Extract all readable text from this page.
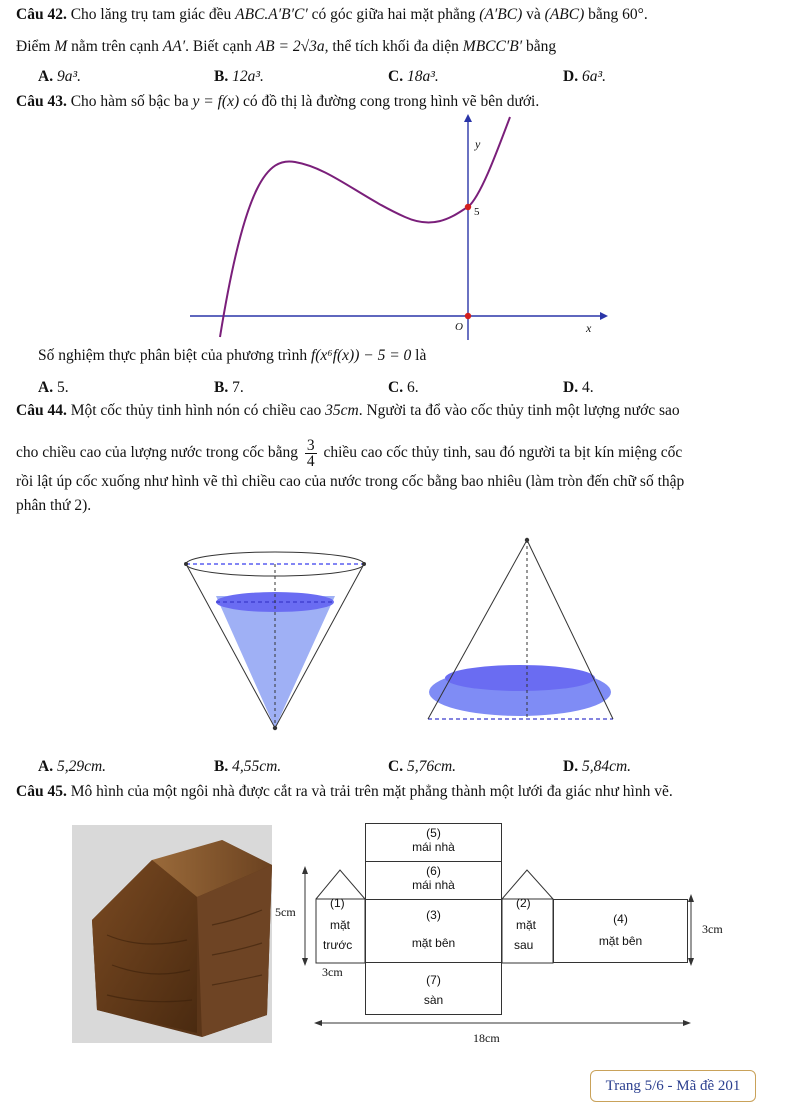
Câu 42. Cho lăng trụ tam giác đều ABC.A′B′C′ có góc giữa hai mặt phẳng (A′BC) và (ABC) bằng 60°.
Điểm M nằm trên cạnh AA′. Biết cạnh AB = 2√3a, thể tích khối đa diện MBCC′B′ bằng
A. 9a³.	B. 12a³.	C. 18a³.	D. 6a³.
Câu 43. Cho hàm số bậc ba y = f(x) có đồ thị là đường cong trong hình vẽ bên dưới.
y
5
O	x
Số nghiệm thực phân biệt của phương trình f(x⁶f(x)) − 5 = 0 là
A. 5.	B. 7.	C. 6.	D. 4.
Câu 44. Một cốc thủy tinh hình nón có chiều cao 35cm. Người ta đổ vào cốc thủy tinh một lượng nước sao
cho chiều cao của lượng nước trong cốc bằng $\frac{3}{4}$ chiều cao cốc thủy tinh, sau đó người ta bịt kín miệng cốc
rồi lật úp cốc xuống như hình vẽ thì chiều cao của nước trong cốc bằng bao nhiêu (làm tròn đến chữ số thập
phân thứ 2).
A. 5,29cm.	B. 4,55cm.	C. 5,76cm.	D. 5,84cm.
Câu 45. Mô hình của một ngôi nhà được cắt ra và trải trên mặt phẳng thành một lưới đa giác như hình vẽ.
(5)
mái nhà
(6)
mái nhà
(3)
mặt bên
(7)
sàn
(4)
mặt bên
(1)
mặt
trước
(2)
mặt
sau
5cm
3cm
3cm
18cm
Trang 5/6 - Mã đề 201
